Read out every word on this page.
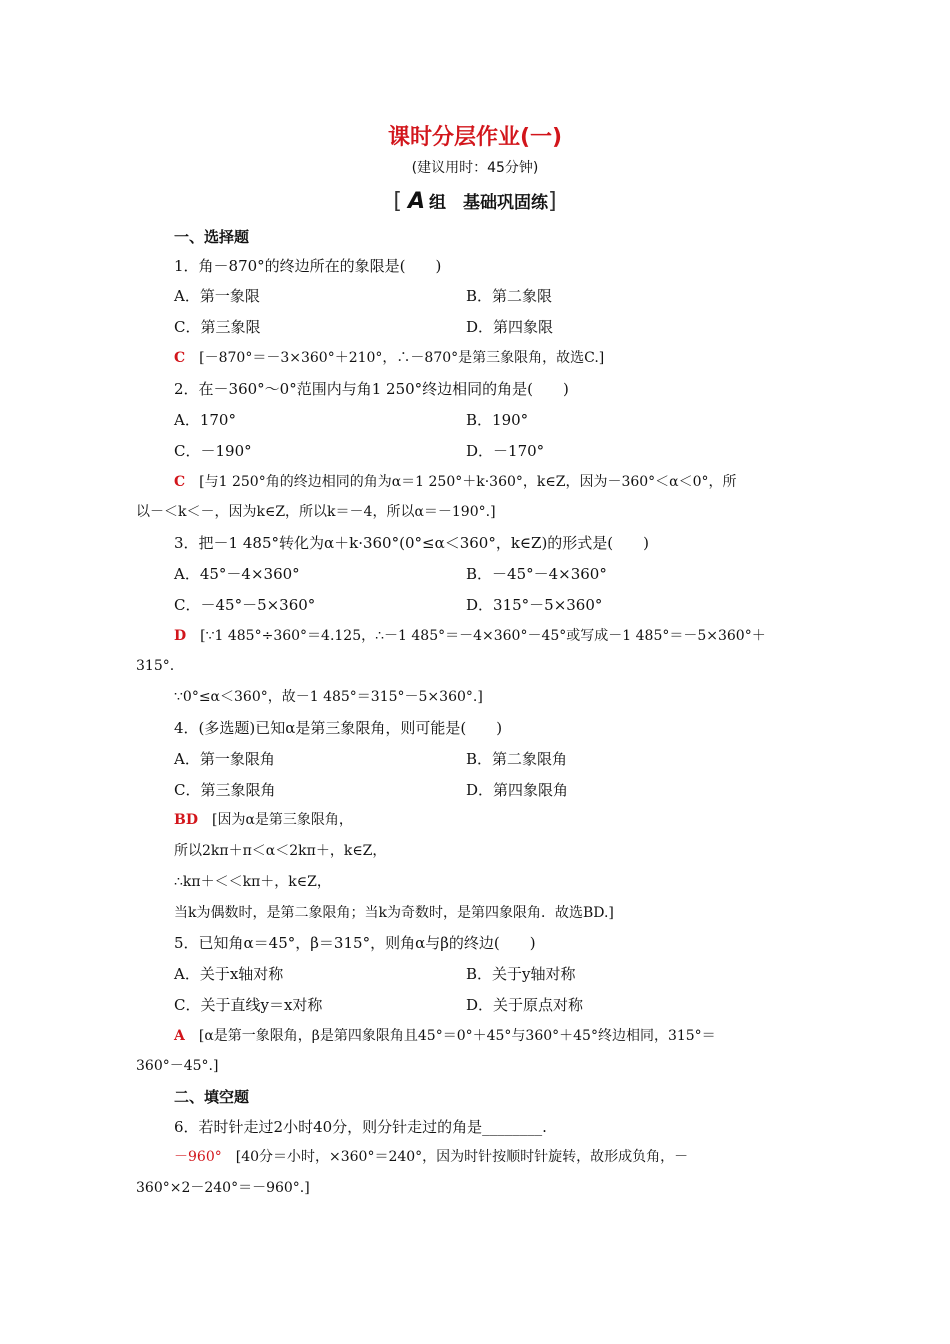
课时分层作业(一)
(建议用时：45分钟)
[ A 组　基础巩固练]
一、选择题
1．角－870°的终边所在的象限是(　　)
A．第一象限	B．第二象限
C．第三象限	D．第四象限
C [－870°＝－3×360°＋210°，∴－870°是第三象限角，故选C.]
2．在－360°～0°范围内与角1 250°终边相同的角是(　　)
A．170°	B．190°
C．－190°	D．－170°
C [与1 250°角的终边相同的角为α＝1 250°＋k·360°，k∈Z，因为－360°＜α＜0°，所
以－＜k＜－，因为k∈Z，所以k＝－4，所以α＝－190°.]
3．把－1 485°转化为α＋k·360°(0°≤α＜360°，k∈Z)的形式是(　　)
A．45°－4×360°	B．－45°－4×360°
C．－45°－5×360°	D．315°－5×360°
D [∵1 485°÷360°＝4.125，∴－1 485°＝－4×360°－45°或写成－1 485°＝－5×360°＋
315°.
∵0°≤α＜360°，故－1 485°＝315°－5×360°.]
4．(多选题)已知α是第三象限角，则可能是(　　)
A．第一象限角	B．第二象限角
C．第三象限角	D．第四象限角
BD [因为α是第三象限角，
所以2kπ＋π＜α＜2kπ＋，k∈Z，
∴kπ＋＜＜kπ＋，k∈Z，
当k为偶数时，是第二象限角；当k为奇数时，是第四象限角．故选BD.]
5．已知角α＝45°，β＝315°，则角α与β的终边(　　)
A．关于x轴对称	B．关于y轴对称
C．关于直线y＝x对称	D．关于原点对称
A [α是第一象限角，β是第四象限角且45°＝0°＋45°与360°＋45°终边相同，315°＝
360°－45°.]
二、填空题
6．若时针走过2小时40分，则分针走过的角是________.
－960° [40分＝小时，×360°＝240°，因为时针按顺时针旋转，故形成负角，－
360°×2－240°＝－960°.]
